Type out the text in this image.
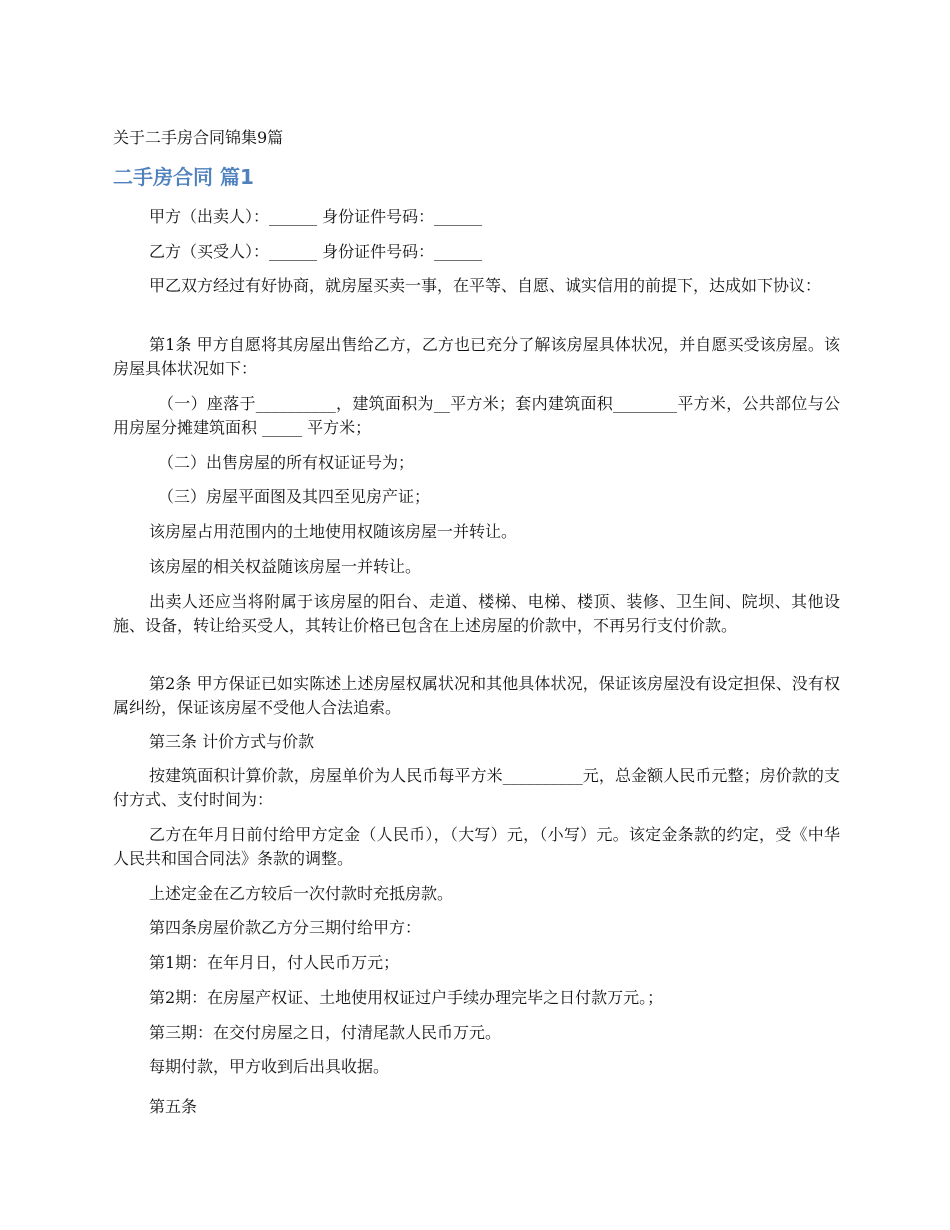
关于二手房合同锦集9篇
二手房合同 篇1

甲方（出卖人）：______ 身份证件号码：______

乙方（买受人）：______ 身份证件号码：______

甲乙双方经过有好协商，就房屋买卖一事，在平等、自愿、诚实信用的前提下，达成如下协议：

第1条 甲方自愿将其房屋出售给乙方，乙方也已充分了解该房屋具体状况，并自愿买受该房屋。该房屋具体状况如下：

（一）座落于__________，建筑面积为__平方米；套内建筑面积________平方米，公共部位与公用房屋分摊建筑面积 _____ 平方米；

（二）出售房屋的所有权证证号为；

（三）房屋平面图及其四至见房产证；

该房屋占用范围内的土地使用权随该房屋一并转让。

该房屋的相关权益随该房屋一并转让。

出卖人还应当将附属于该房屋的阳台、走道、楼梯、电梯、楼顶、装修、卫生间、院坝、其他设施、设备，转让给买受人，其转让价格已包含在上述房屋的价款中，不再另行支付价款。

第2条 甲方保证已如实陈述上述房屋权属状况和其他具体状况，保证该房屋没有设定担保、没有权属纠纷，保证该房屋不受他人合法追索。

第三条 计价方式与价款

按建筑面积计算价款，房屋单价为人民币每平方米__________元，总金额人民币元整；房价款的支付方式、支付时间为：

乙方在年月日前付给甲方定金（人民币），（大写）元，（小写）元。该定金条款的约定，受《中华人民共和国合同法》条款的调整。

上述定金在乙方较后一次付款时充抵房款。

第四条房屋价款乙方分三期付给甲方：

第1期：在年月日，付人民币万元；

第2期：在房屋产权证、土地使用权证过户手续办理完毕之日付款万元。；

第三期：在交付房屋之日，付清尾款人民币万元。

每期付款，甲方收到后出具收据。

第五条
